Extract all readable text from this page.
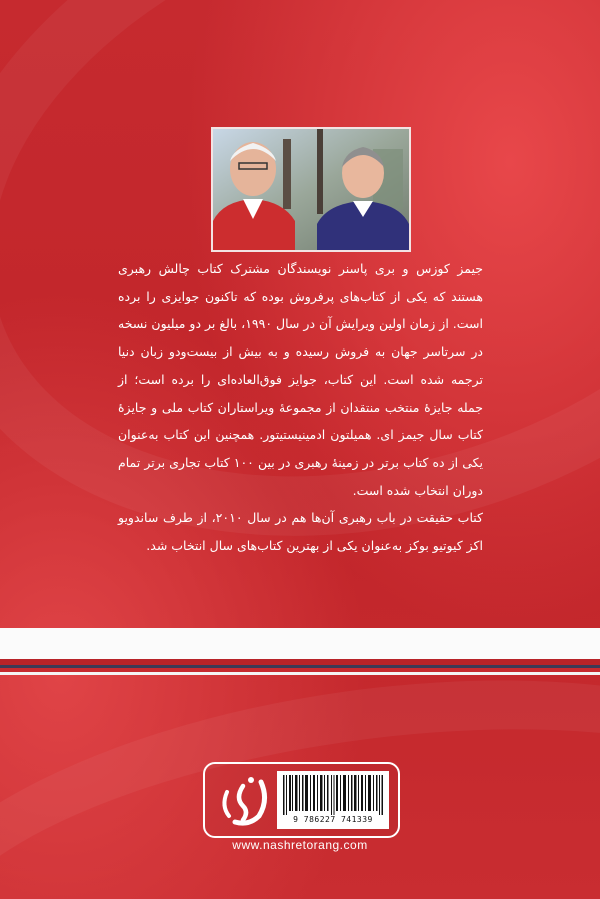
جیمز کوزس و بری پاسنر نویسندگان مشترک کتاب چالش رهبری هستند که یکی از کتاب‌های پرفروش بوده که تاکنون جوایزی را برده است. از زمان اولین ویرایش آن در سال ۱۹۹۰، بالغ بر دو میلیون نسخه در سرتاسر جهان به فروش رسیده و به بیش از بیست‌ودو زبان دنیا ترجمه شده است. این کتاب، جوایز فوق‌العاده‌ای را برده است؛ از جمله جایزهٔ منتخب منتقدان از مجموعهٔ ویراستاران کتاب ملی و جایزهٔ کتاب سال جیمز ای. همیلتون ادمینیستیتور. همچنین این کتاب به‌عنوان یکی از ده کتاب برتر در زمینهٔ رهبری در بین ۱۰۰ کتاب تجاری برتر تمام دوران انتخاب شده است.

کتاب حقیقت در باب رهبری آن‌ها هم در سال ۲۰۱۰، از طرف ساندویو اکز کیوتیو بوکز به‌عنوان یکی از بهترین کتاب‌های سال انتخاب شد.

9 786227 741339
www.nashretorang.com
